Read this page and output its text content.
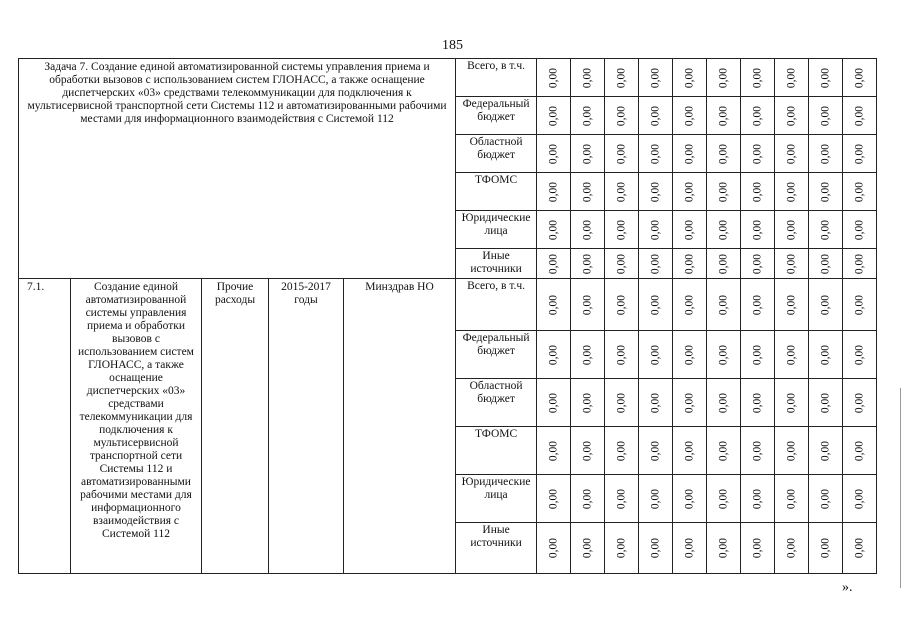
185
Задача 7. Создание единой автоматизированной системы управления приема и обработки вызовов с использованием систем ГЛОНАСС, а также оснащение диспетчерских «03» средствами телекоммуникации для подключения к мультисервисной транспортной сети Системы 112 и автоматизированными рабочими местами для информационного взаимодействия с Системой 112					Всего, в т.ч.	0,00	0,00	0,00	0,00	0,00	0,00	0,00	0,00	0,00	0,00

					Федеральный бюджет	0,00	0,00	0,00	0,00	0,00	0,00	0,00	0,00	0,00	0,00

					Областной бюджет	0,00	0,00	0,00	0,00	0,00	0,00	0,00	0,00	0,00	0,00

					ТФОМС	0,00	0,00	0,00	0,00	0,00	0,00	0,00	0,00	0,00	0,00

					Юридические лица	0,00	0,00	0,00	0,00	0,00	0,00	0,00	0,00	0,00	0,00

					Иные источники	0,00	0,00	0,00	0,00	0,00	0,00	0,00	0,00	0,00	0,00

7.1.	Создание единой автоматизированной системы управления приема и обработки вызовов с использованием систем ГЛОНАСС, а также оснащение диспетчерских «03» средствами телекоммуникации для подключения к мультисервисной транспортной сети Системы 112 и автоматизированными рабочими местами для информационного взаимодействия с Системой 112	Прочие расходы	2015-2017 годы	Минздрав НО	Всего, в т.ч.	0,00	0,00	0,00	0,00	0,00	0,00	0,00	0,00	0,00	0,00

					Федеральный бюджет	0,00	0,00	0,00	0,00	0,00	0,00	0,00	0,00	0,00	0,00

					Областной бюджет	0,00	0,00	0,00	0,00	0,00	0,00	0,00	0,00	0,00	0,00

					ТФОМС	0,00	0,00	0,00	0,00	0,00	0,00	0,00	0,00	0,00	0,00

					Юридические лица	0,00	0,00	0,00	0,00	0,00	0,00	0,00	0,00	0,00	0,00

					Иные источники	0,00	0,00	0,00	0,00	0,00	0,00	0,00	0,00	0,00	0,00
».
